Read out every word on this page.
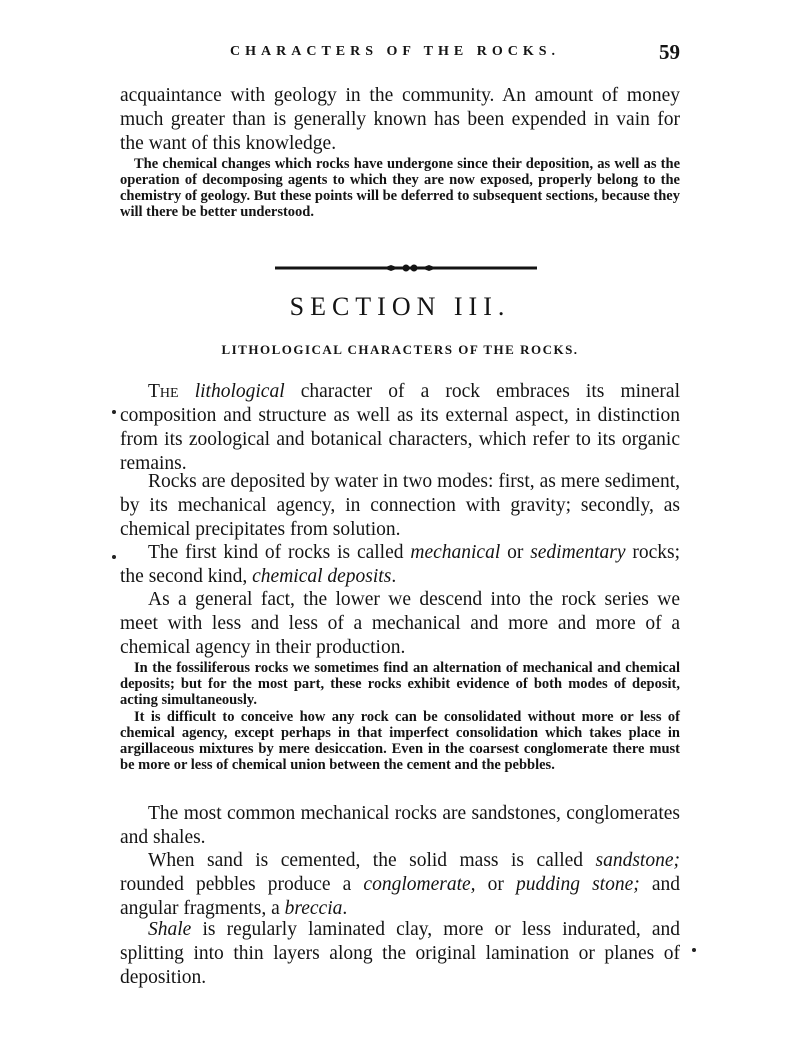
CHARACTERS OF THE ROCKS.	59

acquaintance with geology in the community. An amount of money much greater than is generally known has been expended in vain for the want of this knowledge.

The chemical changes which rocks have undergone since their deposition, as well as the operation of decomposing agents to which they are now exposed, properly belong to the chemistry of geology. But these points will be deferred to subsequent sections, because they will there be better understood.

SECTION III.
LITHOLOGICAL CHARACTERS OF THE ROCKS.

The lithological character of a rock embraces its mineral composition and structure as well as its external aspect, in distinction from its zoological and botanical characters, which refer to its organic remains.

Rocks are deposited by water in two modes: first, as mere sediment, by its mechanical agency, in connection with gravity; secondly, as chemical precipitates from solution.

The first kind of rocks is called mechanical or sedimentary rocks; the second kind, chemical deposits.

As a general fact, the lower we descend into the rock series we meet with less and less of a mechanical and more and more of a chemical agency in their production.

In the fossiliferous rocks we sometimes find an alternation of mechanical and chemical deposits; but for the most part, these rocks exhibit evidence of both modes of deposit, acting simultaneously.

It is difficult to conceive how any rock can be consolidated without more or less of chemical agency, except perhaps in that imperfect consolidation which takes place in argillaceous mixtures by mere desiccation. Even in the coarsest conglomerate there must be more or less of chemical union between the cement and the pebbles.

The most common mechanical rocks are sandstones, conglomerates and shales.

When sand is cemented, the solid mass is called sandstone; rounded pebbles produce a conglomerate, or pudding stone; and angular fragments, a breccia.

Shale is regularly laminated clay, more or less indurated, and splitting into thin layers along the original lamination or planes of deposition.
